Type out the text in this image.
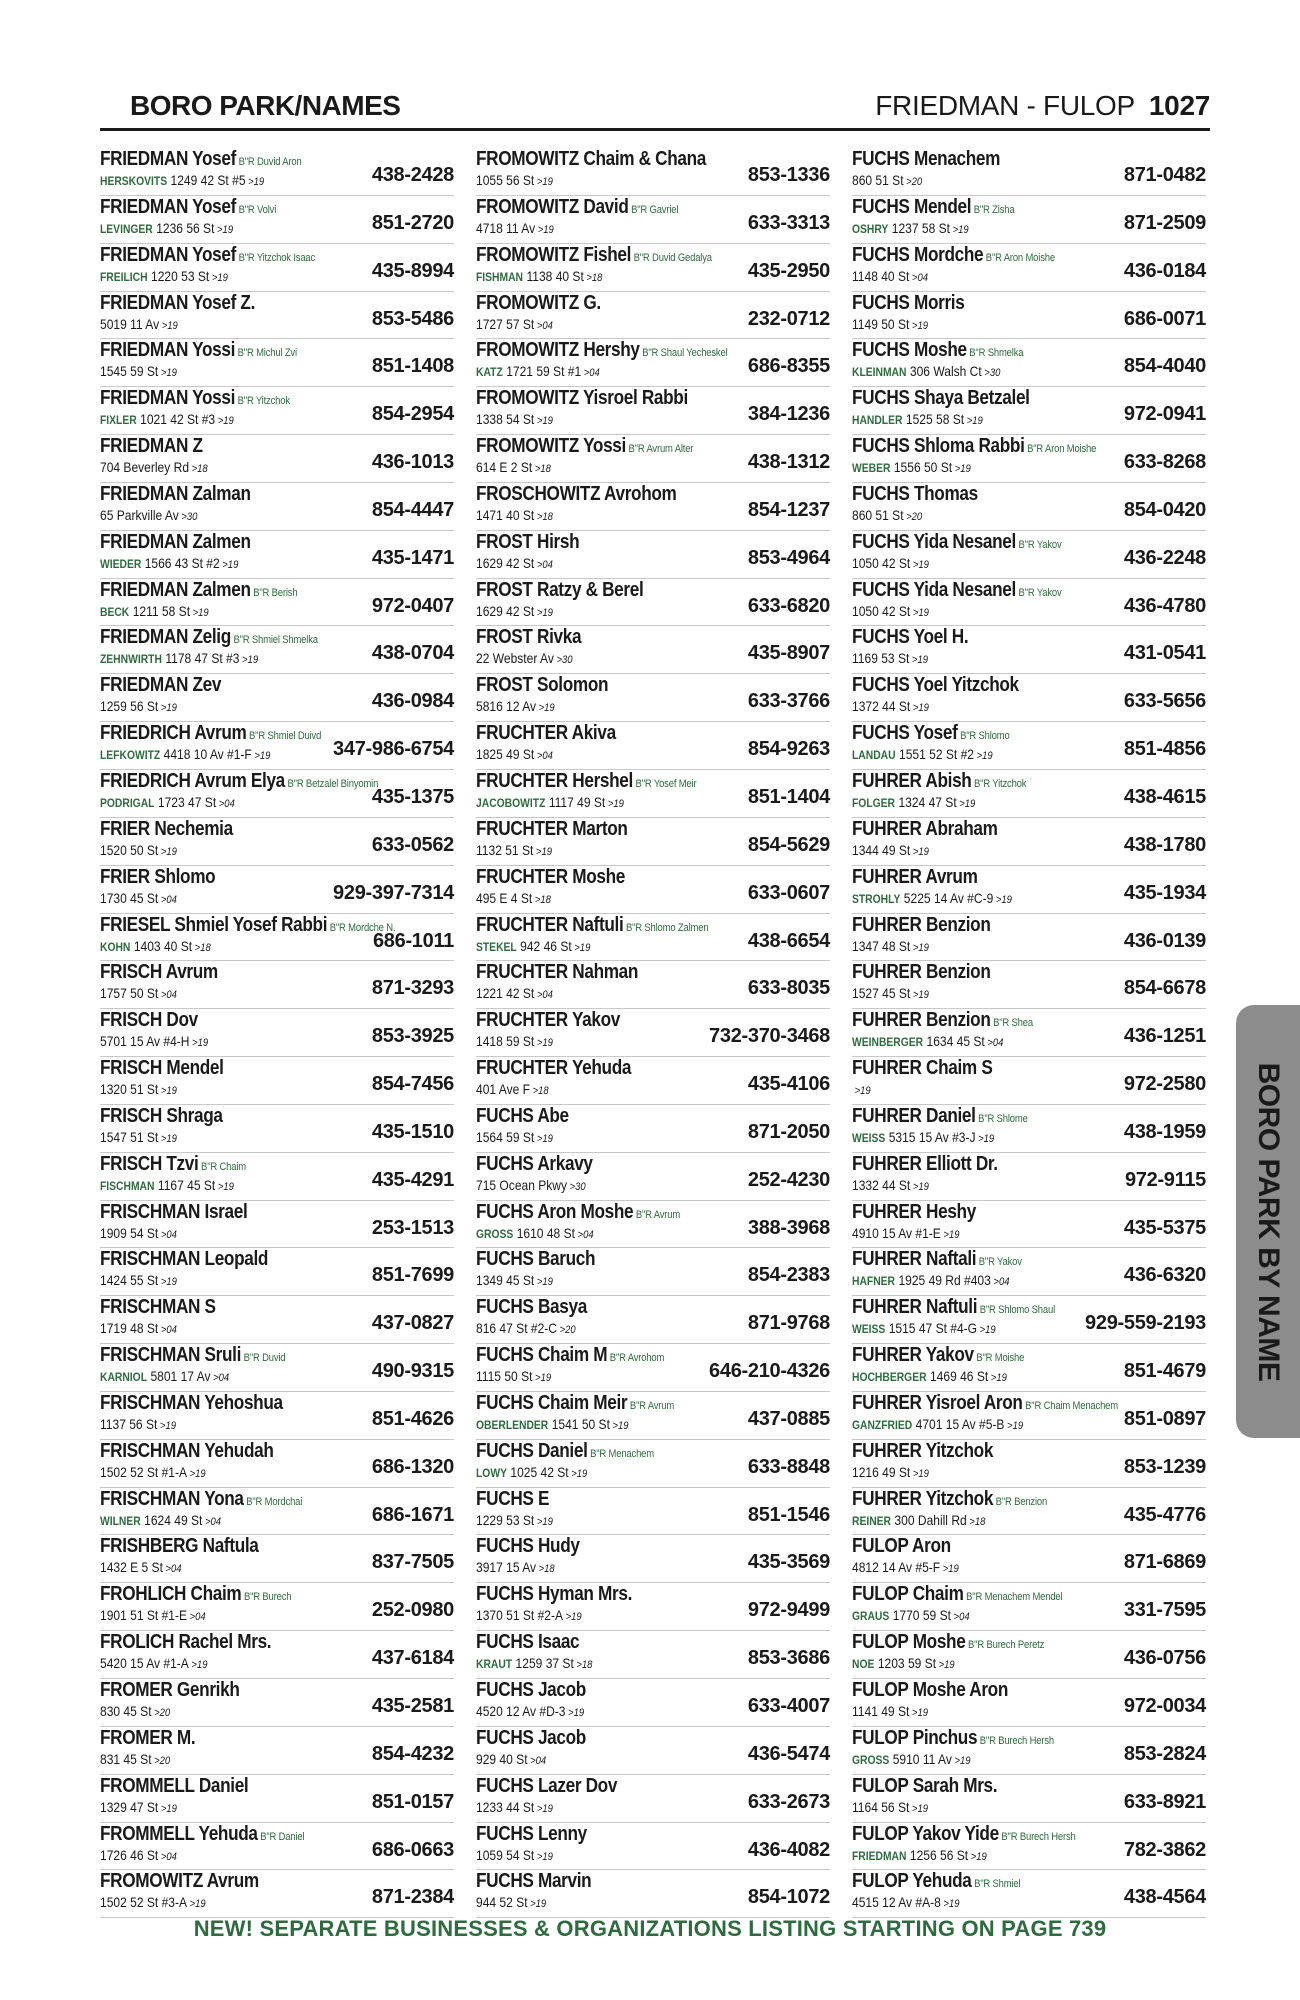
BORO PARK/NAMES	FRIEDMAN - FULOP 1027
FRIEDMAN Yosef B"R Duvid Aron
HERSKOVITS 1249 42 St #5 >19	438-2428
FRIEDMAN Yosef B"R Volvi
LEVINGER 1236 56 St >19	851-2720
FRIEDMAN Yosef B"R Yitzchok Isaac
FREILICH 1220 53 St >19	435-8994
FRIEDMAN Yosef Z.
5019 11 Av >19	853-5486
FRIEDMAN Yossi B"R Michul Zvi
1545 59 St >19	851-1408
FRIEDMAN Yossi B"R Yitzchok
FIXLER 1021 42 St #3 >19	854-2954
FRIEDMAN Z
704 Beverley Rd >18	436-1013
FRIEDMAN Zalman
65 Parkville Av >30	854-4447
FRIEDMAN Zalmen
WIEDER 1566 43 St #2 >19	435-1471
FRIEDMAN Zalmen B"R Berish
BECK 1211 58 St >19	972-0407
FRIEDMAN Zelig B"R Shmiel Shmelka
ZEHNWIRTH 1178 47 St #3 >19	438-0704
FRIEDMAN Zev
1259 56 St >19	436-0984
FRIEDRICH Avrum B"R Shmiel Duivd
LEFKOWITZ 4418 10 Av #1-F >19	347-986-6754
FRIEDRICH Avrum Elya B"R Betzalel Binyomin
PODRIGAL 1723 47 St >04	435-1375
FRIER Nechemia
1520 50 St >19	633-0562
FRIER Shlomo
1730 45 St >04	929-397-7314
FRIESEL Shmiel Yosef Rabbi B"R Mordche N.
KOHN 1403 40 St >18	686-1011
FRISCH Avrum
1757 50 St >04	871-3293
FRISCH Dov
5701 15 Av #4-H >19	853-3925
FRISCH Mendel
1320 51 St >19	854-7456
FRISCH Shraga
1547 51 St >19	435-1510
FRISCH Tzvi B"R Chaim
FISCHMAN 1167 45 St >19	435-4291
FRISCHMAN Israel
1909 54 St >04	253-1513
FRISCHMAN Leopald
1424 55 St >19	851-7699
FRISCHMAN S
1719 48 St >04	437-0827
FRISCHMAN Sruli B"R Duvid
KARNIOL 5801 17 Av >04	490-9315
FRISCHMAN Yehoshua
1137 56 St >19	851-4626
FRISCHMAN Yehudah
1502 52 St #1-A >19	686-1320
FRISCHMAN Yona B"R Mordchai
WILNER 1624 49 St >04	686-1671
FRISHBERG Naftula
1432 E 5 St >04	837-7505
FROHLICH Chaim B"R Burech
1901 51 St #1-E >04	252-0980
FROLICH Rachel Mrs.
5420 15 Av #1-A >19	437-6184
FROMER Genrikh
830 45 St >20	435-2581
FROMER M.
831 45 St >20	854-4232
FROMMELL Daniel
1329 47 St >19	851-0157
FROMMELL Yehuda B"R Daniel
1726 46 St >04	686-0663
FROMOWITZ Avrum
1502 52 St #3-A >19	871-2384
FROMOWITZ Chaim & Chana
1055 56 St >19	853-1336
FROMOWITZ David B"R Gavriel
4718 11 Av >19	633-3313
FROMOWITZ Fishel B"R Duvid Gedalya
FISHMAN 1138 40 St >18	435-2950
FROMOWITZ G.
1727 57 St >04	232-0712
FROMOWITZ Hershy B"R Shaul Yecheskel
KATZ 1721 59 St #1 >04	686-8355
FROMOWITZ Yisroel Rabbi
1338 54 St >19	384-1236
FROMOWITZ Yossi B"R Avrum Alter
614 E 2 St >18	438-1312
FROSCHOWITZ Avrohom
1471 40 St >18	854-1237
FROST Hirsh
1629 42 St >04	853-4964
FROST Ratzy & Berel
1629 42 St >19	633-6820
FROST Rivka
22 Webster Av >30	435-8907
FROST Solomon
5816 12 Av >19	633-3766
FRUCHTER Akiva
1825 49 St >04	854-9263
FRUCHTER Hershel B"R Yosef Meir
JACOBOWITZ 1117 49 St >19	851-1404
FRUCHTER Marton
1132 51 St >19	854-5629
FRUCHTER Moshe
495 E 4 St >18	633-0607
FRUCHTER Naftuli B"R Shlomo Zalmen
STEKEL 942 46 St >19	438-6654
FRUCHTER Nahman
1221 42 St >04	633-8035
FRUCHTER Yakov
1418 59 St >19	732-370-3468
FRUCHTER Yehuda
401 Ave F >18	435-4106
FUCHS Abe
1564 59 St >19	871-2050
FUCHS Arkavy
715 Ocean Pkwy >30	252-4230
FUCHS Aron Moshe B"R Avrum
GROSS 1610 48 St >04	388-3968
FUCHS Baruch
1349 45 St >19	854-2383
FUCHS Basya
816 47 St #2-C >20	871-9768
FUCHS Chaim M B"R Avrohom
1115 50 St >19	646-210-4326
FUCHS Chaim Meir B"R Avrum
OBERLENDER 1541 50 St >19	437-0885
FUCHS Daniel B"R Menachem
LOWY 1025 42 St >19	633-8848
FUCHS E
1229 53 St >19	851-1546
FUCHS Hudy
3917 15 Av >18	435-3569
FUCHS Hyman Mrs.
1370 51 St #2-A >19	972-9499
FUCHS Isaac
KRAUT 1259 37 St >18	853-3686
FUCHS Jacob
4520 12 Av #D-3 >19	633-4007
FUCHS Jacob
929 40 St >04	436-5474
FUCHS Lazer Dov
1233 44 St >19	633-2673
FUCHS Lenny
1059 54 St >19	436-4082
FUCHS Marvin
944 52 St >19	854-1072
FUCHS Menachem
860 51 St >20	871-0482
FUCHS Mendel B"R Zisha
OSHRY 1237 58 St >19	871-2509
FUCHS Mordche B"R Aron Moishe
1148 40 St >04	436-0184
FUCHS Morris
1149 50 St >19	686-0071
FUCHS Moshe B"R Shmelka
KLEINMAN 306 Walsh Ct >30	854-4040
FUCHS Shaya Betzalel
HANDLER 1525 58 St >19	972-0941
FUCHS Shloma Rabbi B"R Aron Moishe
WEBER 1556 50 St >19	633-8268
FUCHS Thomas
860 51 St >20	854-0420
FUCHS Yida Nesanel B"R Yakov
1050 42 St >19	436-2248
FUCHS Yida Nesanel B"R Yakov
1050 42 St >19	436-4780
FUCHS Yoel H.
1169 53 St >19	431-0541
FUCHS Yoel Yitzchok
1372 44 St >19	633-5656
FUCHS Yosef B"R Shlomo
LANDAU 1551 52 St #2 >19	851-4856
FUHRER Abish B"R Yitzchok
FOLGER 1324 47 St >19	438-4615
FUHRER Abraham
1344 49 St >19	438-1780
FUHRER Avrum
STROHLY 5225 14 Av #C-9 >19	435-1934
FUHRER Benzion
1347 48 St >19	436-0139
FUHRER Benzion
1527 45 St >19	854-6678
FUHRER Benzion B"R Shea
WEINBERGER 1634 45 St >04	436-1251
FUHRER Chaim S
>19	972-2580
FUHRER Daniel B"R Shlome
WEISS 5315 15 Av #3-J >19	438-1959
FUHRER Elliott Dr.
1332 44 St >19	972-9115
FUHRER Heshy
4910 15 Av #1-E >19	435-5375
FUHRER Naftali B"R Yakov
HAFNER 1925 49 Rd #403 >04	436-6320
FUHRER Naftuli B"R Shlomo Shaul
WEISS 1515 47 St #4-G >19	929-559-2193
FUHRER Yakov B"R Moishe
HOCHBERGER 1469 46 St >19	851-4679
FUHRER Yisroel Aron B"R Chaim Menachem
GANZFRIED 4701 15 Av #5-B >19	851-0897
FUHRER Yitzchok
1216 49 St >19	853-1239
FUHRER Yitzchok B"R Benzion
REINER 300 Dahill Rd >18	435-4776
FULOP Aron
4812 14 Av #5-F >19	871-6869
FULOP Chaim B"R Menachem Mendel
GRAUS 1770 59 St >04	331-7595
FULOP Moshe B"R Burech Peretz
NOE 1203 59 St >19	436-0756
FULOP Moshe Aron
1141 49 St >19	972-0034
FULOP Pinchus B"R Burech Hersh
GROSS 5910 11 Av >19	853-2824
FULOP Sarah Mrs.
1164 56 St >19	633-8921
FULOP Yakov Yide B"R Burech Hersh
FRIEDMAN 1256 56 St >19	782-3862
FULOP Yehuda B"R Shmiel
4515 12 Av #A-8 >19	438-4564
BORO PARK BY NAME
NEW! SEPARATE BUSINESSES & ORGANIZATIONS LISTING STARTING ON PAGE 739
